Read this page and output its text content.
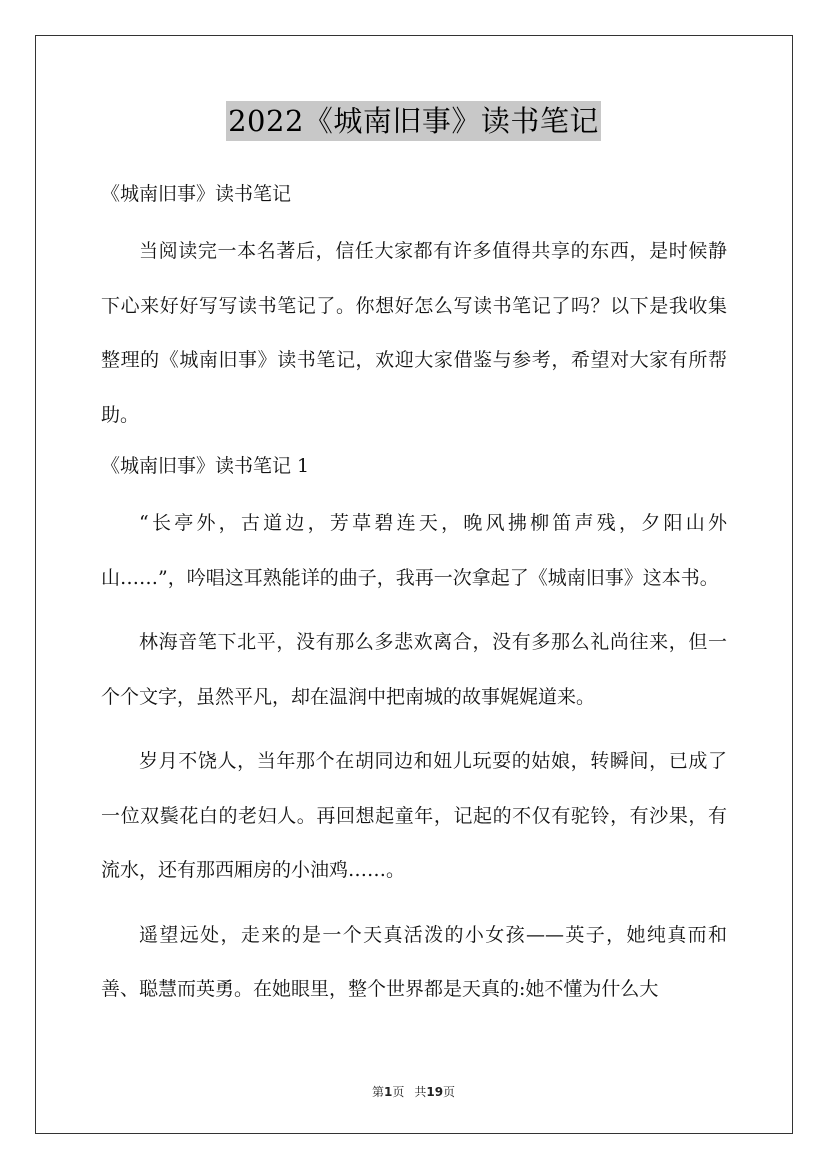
2022《城南旧事》读书笔记

《城南旧事》读书笔记

当阅读完一本名著后，信任大家都有许多值得共享的东西，是时候静下心来好好写写读书笔记了。你想好怎么写读书笔记了吗？以下是我收集整理的《城南旧事》读书笔记，欢迎大家借鉴与参考，希望对大家有所帮助。

《城南旧事》读书笔记 1

“长亭外，古道边，芳草碧连天，晚风拂柳笛声残，夕阳山外山……”，吟唱这耳熟能详的曲子，我再一次拿起了《城南旧事》这本书。

林海音笔下北平，没有那么多悲欢离合，没有多那么礼尚往来，但一个个文字，虽然平凡，却在温润中把南城的故事娓娓道来。

岁月不饶人，当年那个在胡同边和妞儿玩耍的姑娘，转瞬间，已成了一位双鬓花白的老妇人。再回想起童年，记起的不仅有驼铃，有沙果，有流水，还有那西厢房的小油鸡……。

遥望远处，走来的是一个天真活泼的小女孩——英子，她纯真而和善、聪慧而英勇。在她眼里，整个世界都是天真的:她不懂为什么大

第1页 共19页
